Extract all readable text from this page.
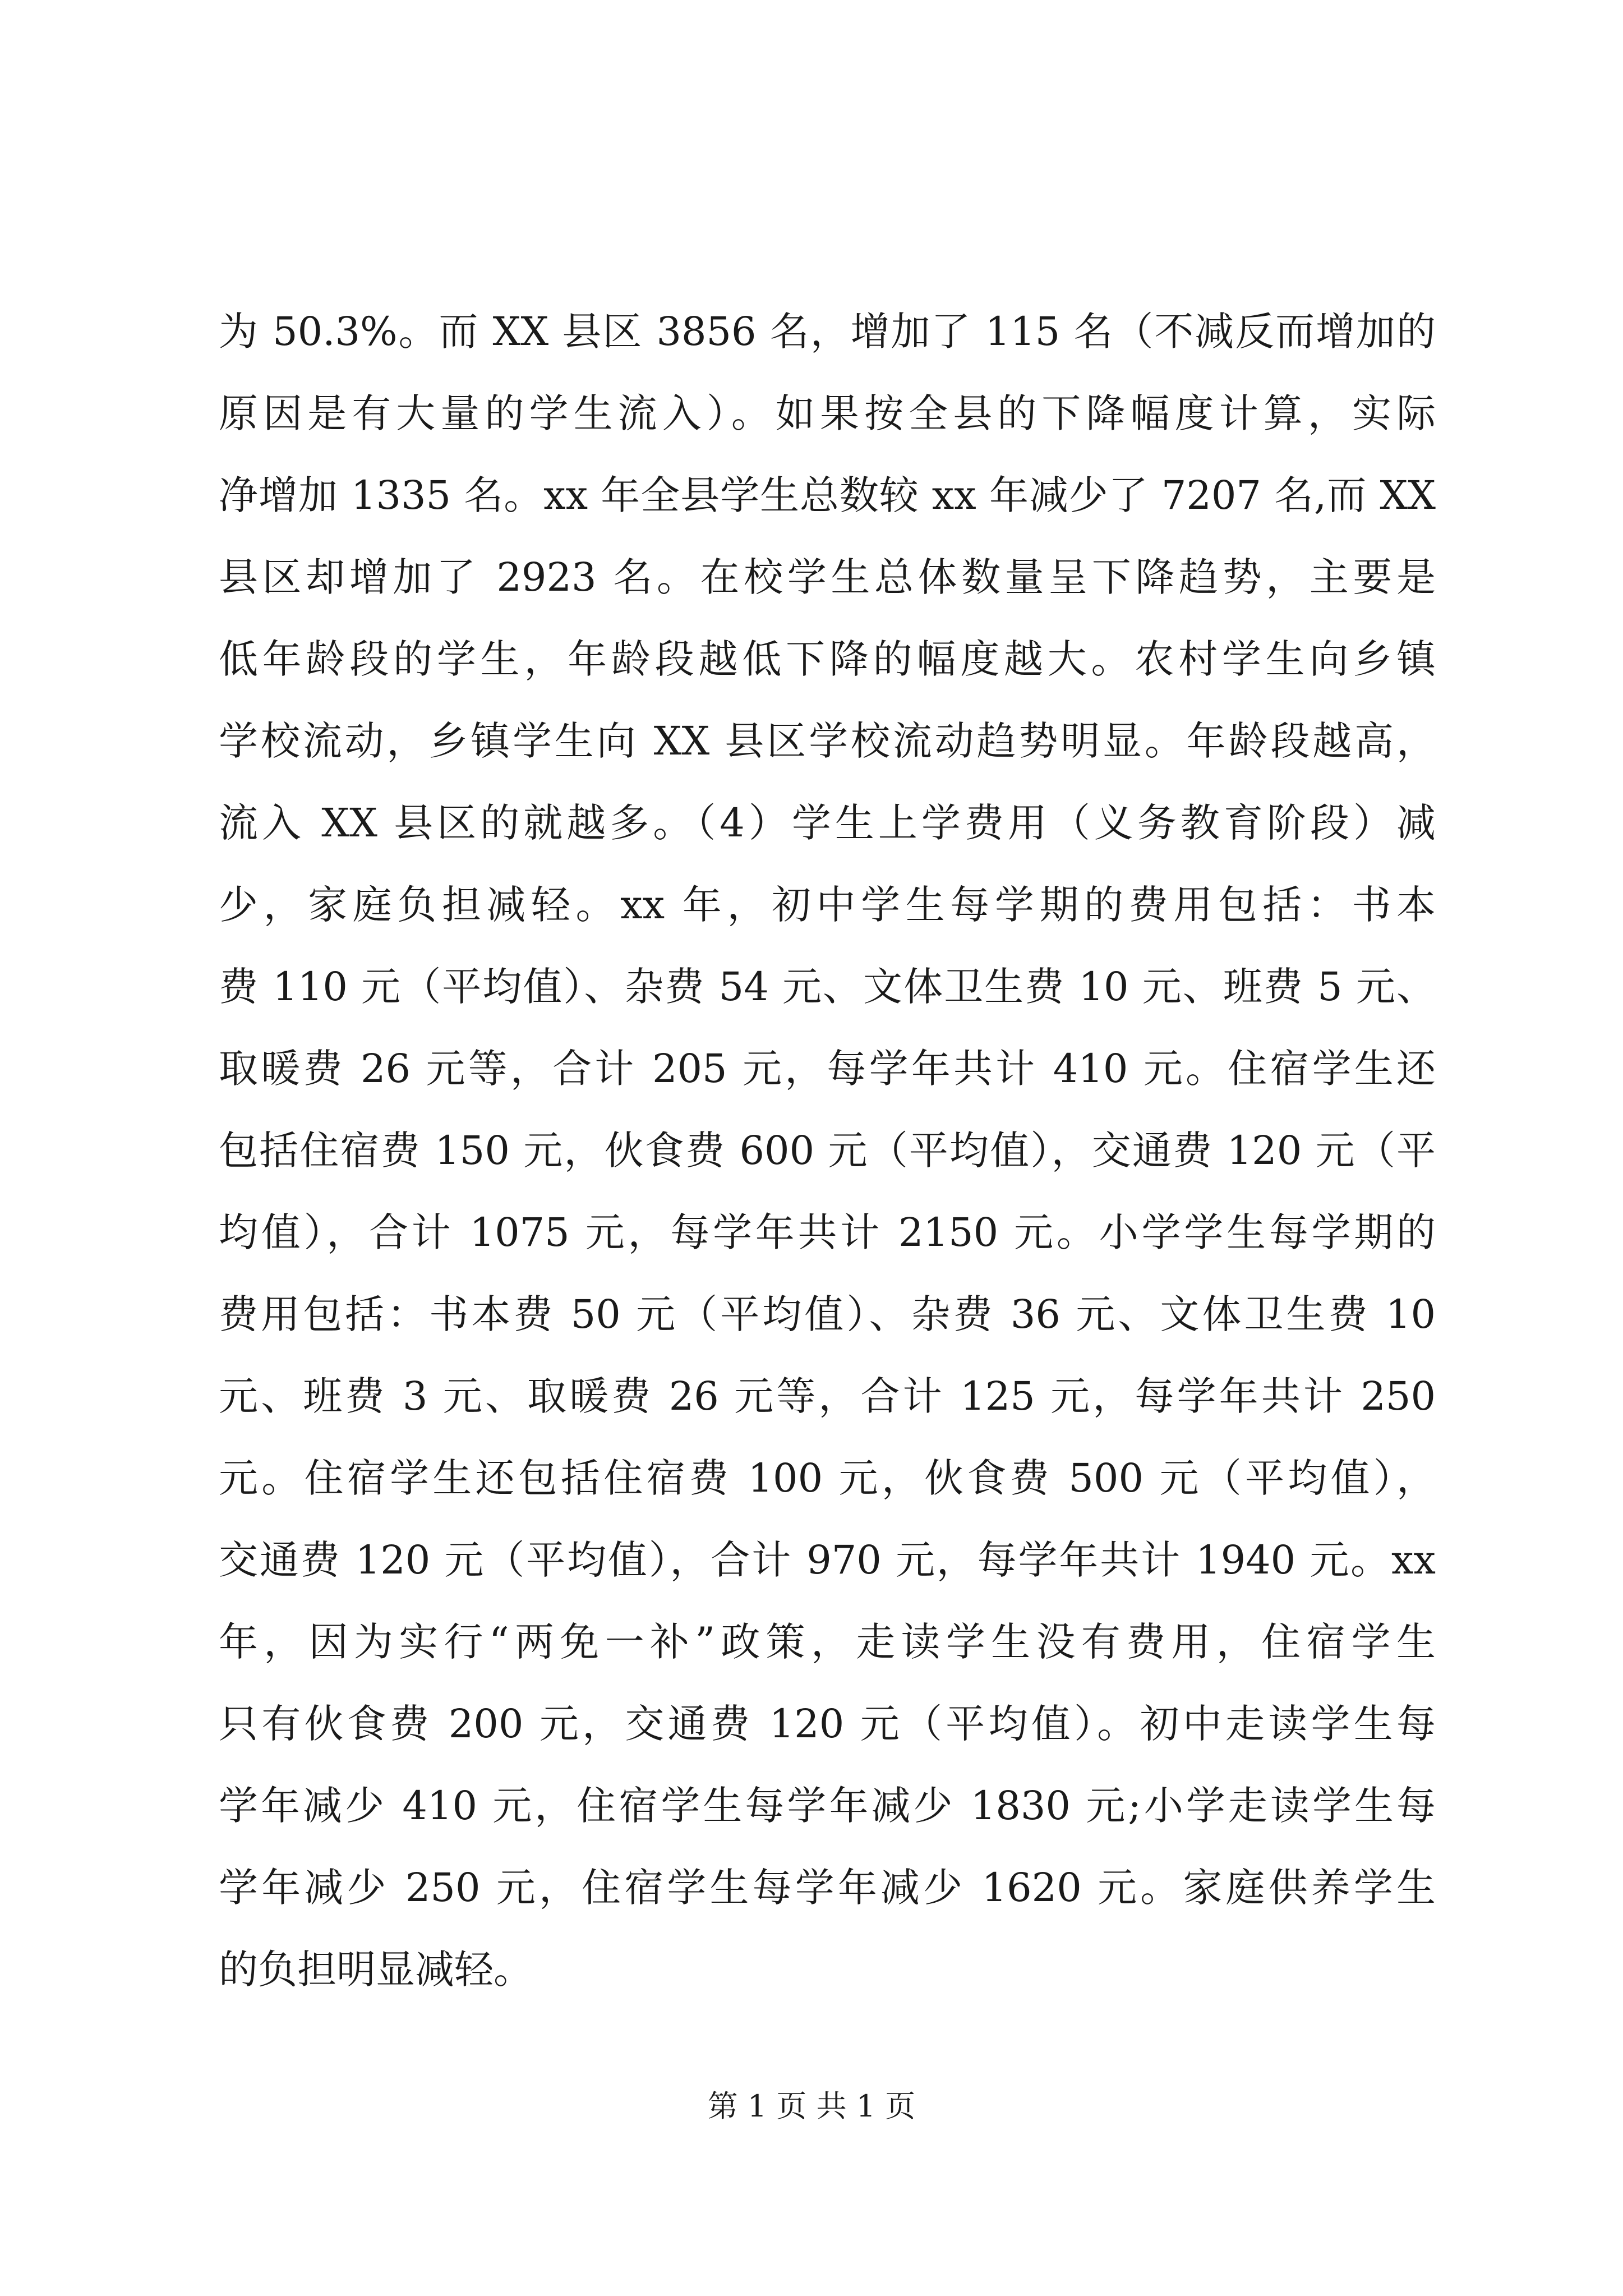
为 50.3%。而 XX 县区 3856 名，增加了 115 名（不减反而增加的
原因是有大量的学生流入）。如果按全县的下降幅度计算，实际
净增加 1335 名。xx 年全县学生总数较 xx 年减少了 7207 名,而 XX
县区却增加了 2923 名。在校学生总体数量呈下降趋势，主要是
低年龄段的学生，年龄段越低下降的幅度越大。农村学生向乡镇
学校流动，乡镇学生向 XX 县区学校流动趋势明显。年龄段越高，
流入 XX 县区的就越多。（4）学生上学费用（义务教育阶段）减
少，家庭负担减轻。xx 年，初中学生每学期的费用包括：书本
费 110 元（平均值）、杂费 54 元、文体卫生费 10 元、班费 5 元、
取暖费 26 元等，合计 205 元，每学年共计 410 元。住宿学生还
包括住宿费 150 元，伙食费 600 元（平均值），交通费 120 元（平
均值），合计 1075 元，每学年共计 2150 元。小学学生每学期的
费用包括：书本费 50 元（平均值）、杂费 36 元、文体卫生费 10
元、班费 3 元、取暖费 26 元等，合计 125 元，每学年共计 250
元。住宿学生还包括住宿费 100 元，伙食费 500 元（平均值），
交通费 120 元（平均值），合计 970 元，每学年共计 1940 元。xx
年，因为实行“两免一补”政策，走读学生没有费用，住宿学生
只有伙食费 200 元，交通费 120 元（平均值）。初中走读学生每
学年减少 410 元，住宿学生每学年减少 1830 元;小学走读学生每
学年减少 250 元，住宿学生每学年减少 1620 元。家庭供养学生
的负担明显减轻。
第 1 页 共 1 页
